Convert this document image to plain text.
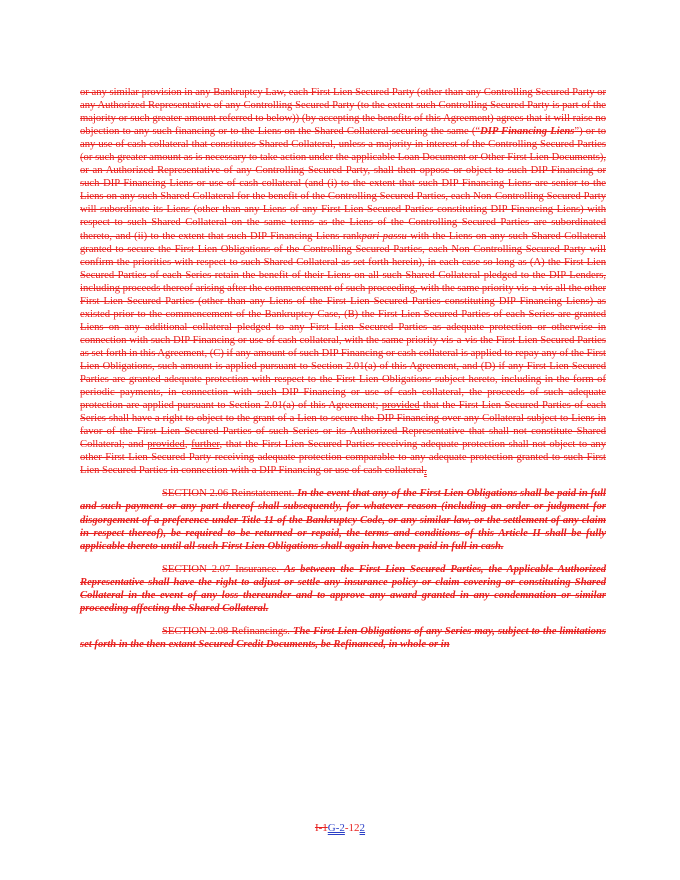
or any similar provision in any Bankruptcy Law, each First Lien Secured Party (other than any Controlling Secured Party or any Authorized Representative of any Controlling Secured Party (to the extent such Controlling Secured Party is part of the majority or such greater amount referred to below)) (by accepting the benefits of this Agreement) agrees that it will raise no objection to any such financing or to the Liens on the Shared Collateral securing the same (“DIP Financing Liens”) or to any use of cash collateral that constitutes Shared Collateral, unless a majority in interest of the Controlling Secured Parties (or such greater amount as is necessary to take action under the applicable Loan Document or Other First Lien Documents), or an Authorized Representative of any Controlling Secured Party, shall then oppose or object to such DIP Financing or such DIP Financing Liens or use of cash collateral (and (i) to the extent that such DIP Financing Liens are senior to the Liens on any such Shared Collateral for the benefit of the Controlling Secured Parties, each Non-Controlling Secured Party will subordinate its Liens (other than any Liens of any First Lien Secured Parties constituting DIP Financing Liens) with respect to such Shared Collateral on the same terms as the Liens of the Controlling Secured Parties are subordinated thereto, and (ii) to the extent that such DIP Financing Liens rankpari passu with the Liens on any such Shared Collateral granted to secure the First Lien Obligations of the Controlling Secured Parties, each Non-Controlling Secured Party will confirm the priorities with respect to such Shared Collateral as set forth herein), in each case so long as (A) the First Lien Secured Parties of each Series retain the benefit of their Liens on all such Shared Collateral pledged to the DIP Lenders, including proceeds thereof arising after the commencement of such proceeding, with the same priority vis-a-vis all the other First Lien Secured Parties (other than any Liens of the First Lien Secured Parties constituting DIP Financing Liens) as existed prior to the commencement of the Bankruptcy Case, (B) the First Lien Secured Parties of each Series are granted Liens on any additional collateral pledged to any First Lien Secured Parties as adequate protection or otherwise in connection with such DIP Financing or use of cash collateral, with the same priority vis-a-vis the First Lien Secured Parties as set forth in this Agreement, (C) if any amount of such DIP Financing or cash collateral is applied to repay any of the First Lien Obligations, such amount is applied pursuant to Section 2.01(a) of this Agreement, and (D) if any First Lien Secured Parties are granted adequate protection with respect to the First Lien Obligations subject hereto, including in the form of periodic payments, in connection with such DIP Financing or use of cash collateral, the proceeds of such adequate protection are applied pursuant to Section 2.01(a) of this Agreement; provided that the First Lien Secured Parties of each Series shall have a right to object to the grant of a Lien to secure the DIP Financing over any Collateral subject to Liens in favor of the First Lien Secured Parties of such Series or its Authorized Representative that shall not constitute Shared Collateral; and provided, further, that the First Lien Secured Parties receiving adequate protection shall not object to any other First Lien Secured Party receiving adequate protection comparable to any adequate protection granted to such First Lien Secured Parties in connection with a DIP Financing or use of cash collateral.

SECTION 2.06 Reinstatement. In the event that any of the First Lien Obligations shall be paid in full and such payment or any part thereof shall subsequently, for whatever reason (including an order or judgment for disgorgement of a preference under Title 11 of the Bankruptcy Code, or any similar law, or the settlement of any claim in respect thereof), be required to be returned or repaid, the terms and conditions of this Article II shall be fully applicable thereto until all such First Lien Obligations shall again have been paid in full in cash.

SECTION 2.07 Insurance. As between the First Lien Secured Parties, the Applicable Authorized Representative shall have the right to adjust or settle any insurance policy or claim covering or constituting Shared Collateral in the event of any loss thereunder and to approve any award granted in any condemnation or similar proceeding affecting the Shared Collateral.

SECTION 2.08 Refinancings. The First Lien Obligations of any Series may, subject to the limitations set forth in the then extant Secured Credit Documents, be Refinanced, in whole or in

I-1G-2-122
